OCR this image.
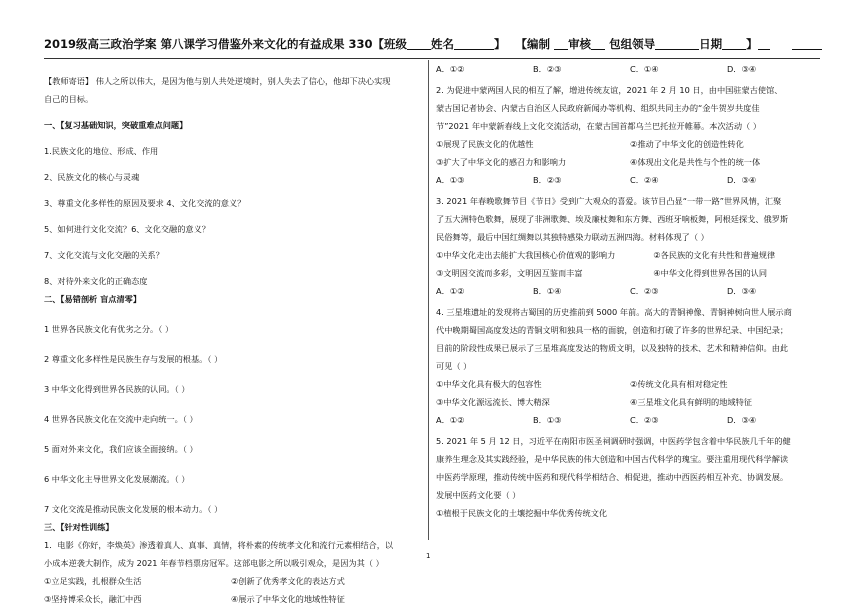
2019级高三政治学案 第八课学习借鉴外来文化的有益成果 330【班级 姓名	】 【编制 审核 包组领导	日期 】

【教师寄语】 伟人之所以伟大，是因为他与别人共处逆境时，别人失去了信心，他却下决心实现

自己的目标。

一、【复习基础知识，突破重难点问题】

1.民族文化的地位、形成、作用

2、民族文化的核心与灵魂

3、尊重文化多样性的原因及要求 4、文化交流的意义？

5、如何进行文化交流？6、文化交融的意义？

7、文化交流与文化交融的关系？

8、对待外来文化的正确态度

二、【易错剖析 盲点清零】

1 世界各民族文化有优劣之分。（ ）

2 尊重文化多样性是民族生存与发展的根基。（ ）

3 中华文化得到世界各民族的认同。（ ）

4 世界各民族文化在交流中走向统一。（ ）

5 面对外来文化，我们应该全面接纳。（ ）

6 中华文化主导世界文化发展潮流。（ ）

7 文化交流是推动民族文化发展的根本动力。（ ）

三、【针对性训练】

1．电影《你好，李焕英》渗透着真人、真事、真情，将朴素的传统孝文化和流行元素相结合，以

小成本逆袭大制作，成为 2021 年春节档票房冠军。这部电影之所以吸引观众，是因为其（ ）

①立足实践，扎根群众生活	②创新了优秀孝文化的表达方式
③坚持博采众长，融汇中西	④展示了中华文化的地域性特征
A．①②	B．②③	C．①④	D．③④

2. 为促进中蒙两国人民的相互了解，增进传统友谊，2021 年 2 月 10 日，由中国驻蒙古使馆、

蒙古国记者协会、内蒙古自治区人民政府新闻办等机构、组织共同主办的“金牛贺岁共度佳

节”2021 年中蒙新春线上文化交流活动，在蒙古国首都乌兰巴托拉开帷幕。本次活动（ ）

①展现了民族文化的优越性	②推动了中华文化的创造性转化
③扩大了中华文化的感召力和影响力	④体现出文化是共性与个性的统一体
A．①③	B．②③	C．②④	D．③④

3. 2021 年春晚歌舞节目《节日》受到广大观众的喜爱。该节目凸显“一带一路”世界风情，汇聚

了五大洲特色歌舞，展现了非洲歌舞、埃及廉杖舞和东方舞、西班牙响板舞，阿根廷探戈、俄罗斯

民俗舞等，最后中国红绸舞以其独特感染力联动五洲四海。材料体现了（ ）

①中华文化走出去能扩大我国核心价值观的影响力	②各民族的文化有共性和普遍规律
③文明因交流而多彩，文明因互鉴而丰富	④中华文化得到世界各国的认同
A．①②	B．①④	C．②③	D．③④

4. 三星堆遗址的发现将古蜀国的历史推前到 5000 年前。高大的青铜神像、青铜神树向世人展示商

代中晚期蜀国高度发达的青铜文明和独具一格的面貌，创造和打破了许多的世界纪录、中国纪录；

目前的阶段性成果已展示了三星堆高度发达的物质文明，以及独特的技术、艺术和精神信仰。由此

可见（ ）

①中华文化具有极大的包容性	②传统文化具有相对稳定性
③中华文化源远流长、博大精深	④三星堆文化具有鲜明的地域特征
A．①②	B．①③	C．②③	D．③④

5. 2021 年 5 月 12 日，习近平在南阳市医圣祠调研时强调，中医药学包含着中华民族几千年的健

康养生理念及其实践经验，是中华民族的伟大创造和中国古代科学的瑰宝。要注重用现代科学解读

中医药学原理，推动传统中医药和现代科学相结合、相促进，推动中西医药相互补充、协调发展。

发展中医药文化要（ ）

①植根于民族文化的土壤挖掘中华优秀传统文化

1
